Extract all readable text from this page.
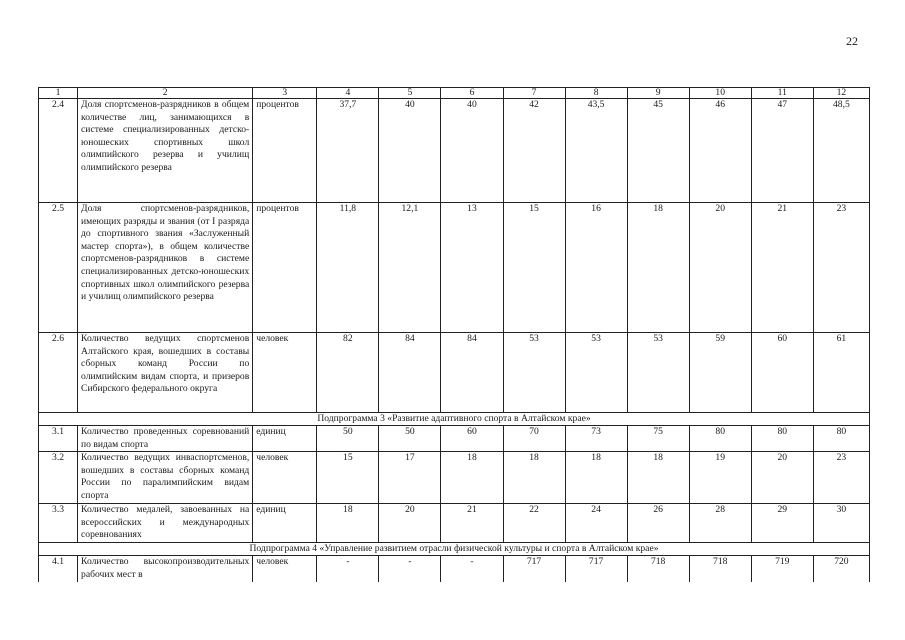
22
1	2	3	4	5	6	7	8	9	10	11	12
2.4	Доля спортсменов-разрядников в общем количестве лиц, занимающихся в системе специализированных детско-юношеских спортивных школ олимпийского резерва и училищ олимпийского резерва	процентов	37,7	40	40	42	43,5	45	46	47	48,5
2.5	Доля спортсменов-разрядников, имеющих разряды и звания (от I разряда до спортивного звания «Заслуженный мастер спорта»), в общем количестве спортсменов-разрядников в системе специализированных детско-юношеских спортивных школ олимпийского резерва и училищ олимпийского резерва	процентов	11,8	12,1	13	15	16	18	20	21	23
2.6	Количество ведущих спортсменов Алтайского края, вошедших в составы сборных команд России по олимпийским видам спорта, и призеров Сибирского федерального округа	человек	82	84	84	53	53	53	59	60	61
Подпрограмма 3 «Развитие адаптивного спорта в Алтайском крае»											
3.1	Количество проведенных соревнований по видам спорта	единиц	50	50	60	70	73	75	80	80	80
3.2	Количество ведущих инваспортсменов, вошедших в составы сборных команд России по паралимпийским видам спорта	человек	15	17	18	18	18	18	19	20	23
3.3	Количество медалей, завоеванных на всероссийских и международных соревнованиях	единиц	18	20	21	22	24	26	28	29	30
Подпрограмма 4 «Управление развитием отрасли физической культуры и спорта в Алтайском крае»											
4.1	Количество высокопроизводительных рабочих мест в	человек	-	-	-	717	717	718	718	719	720
